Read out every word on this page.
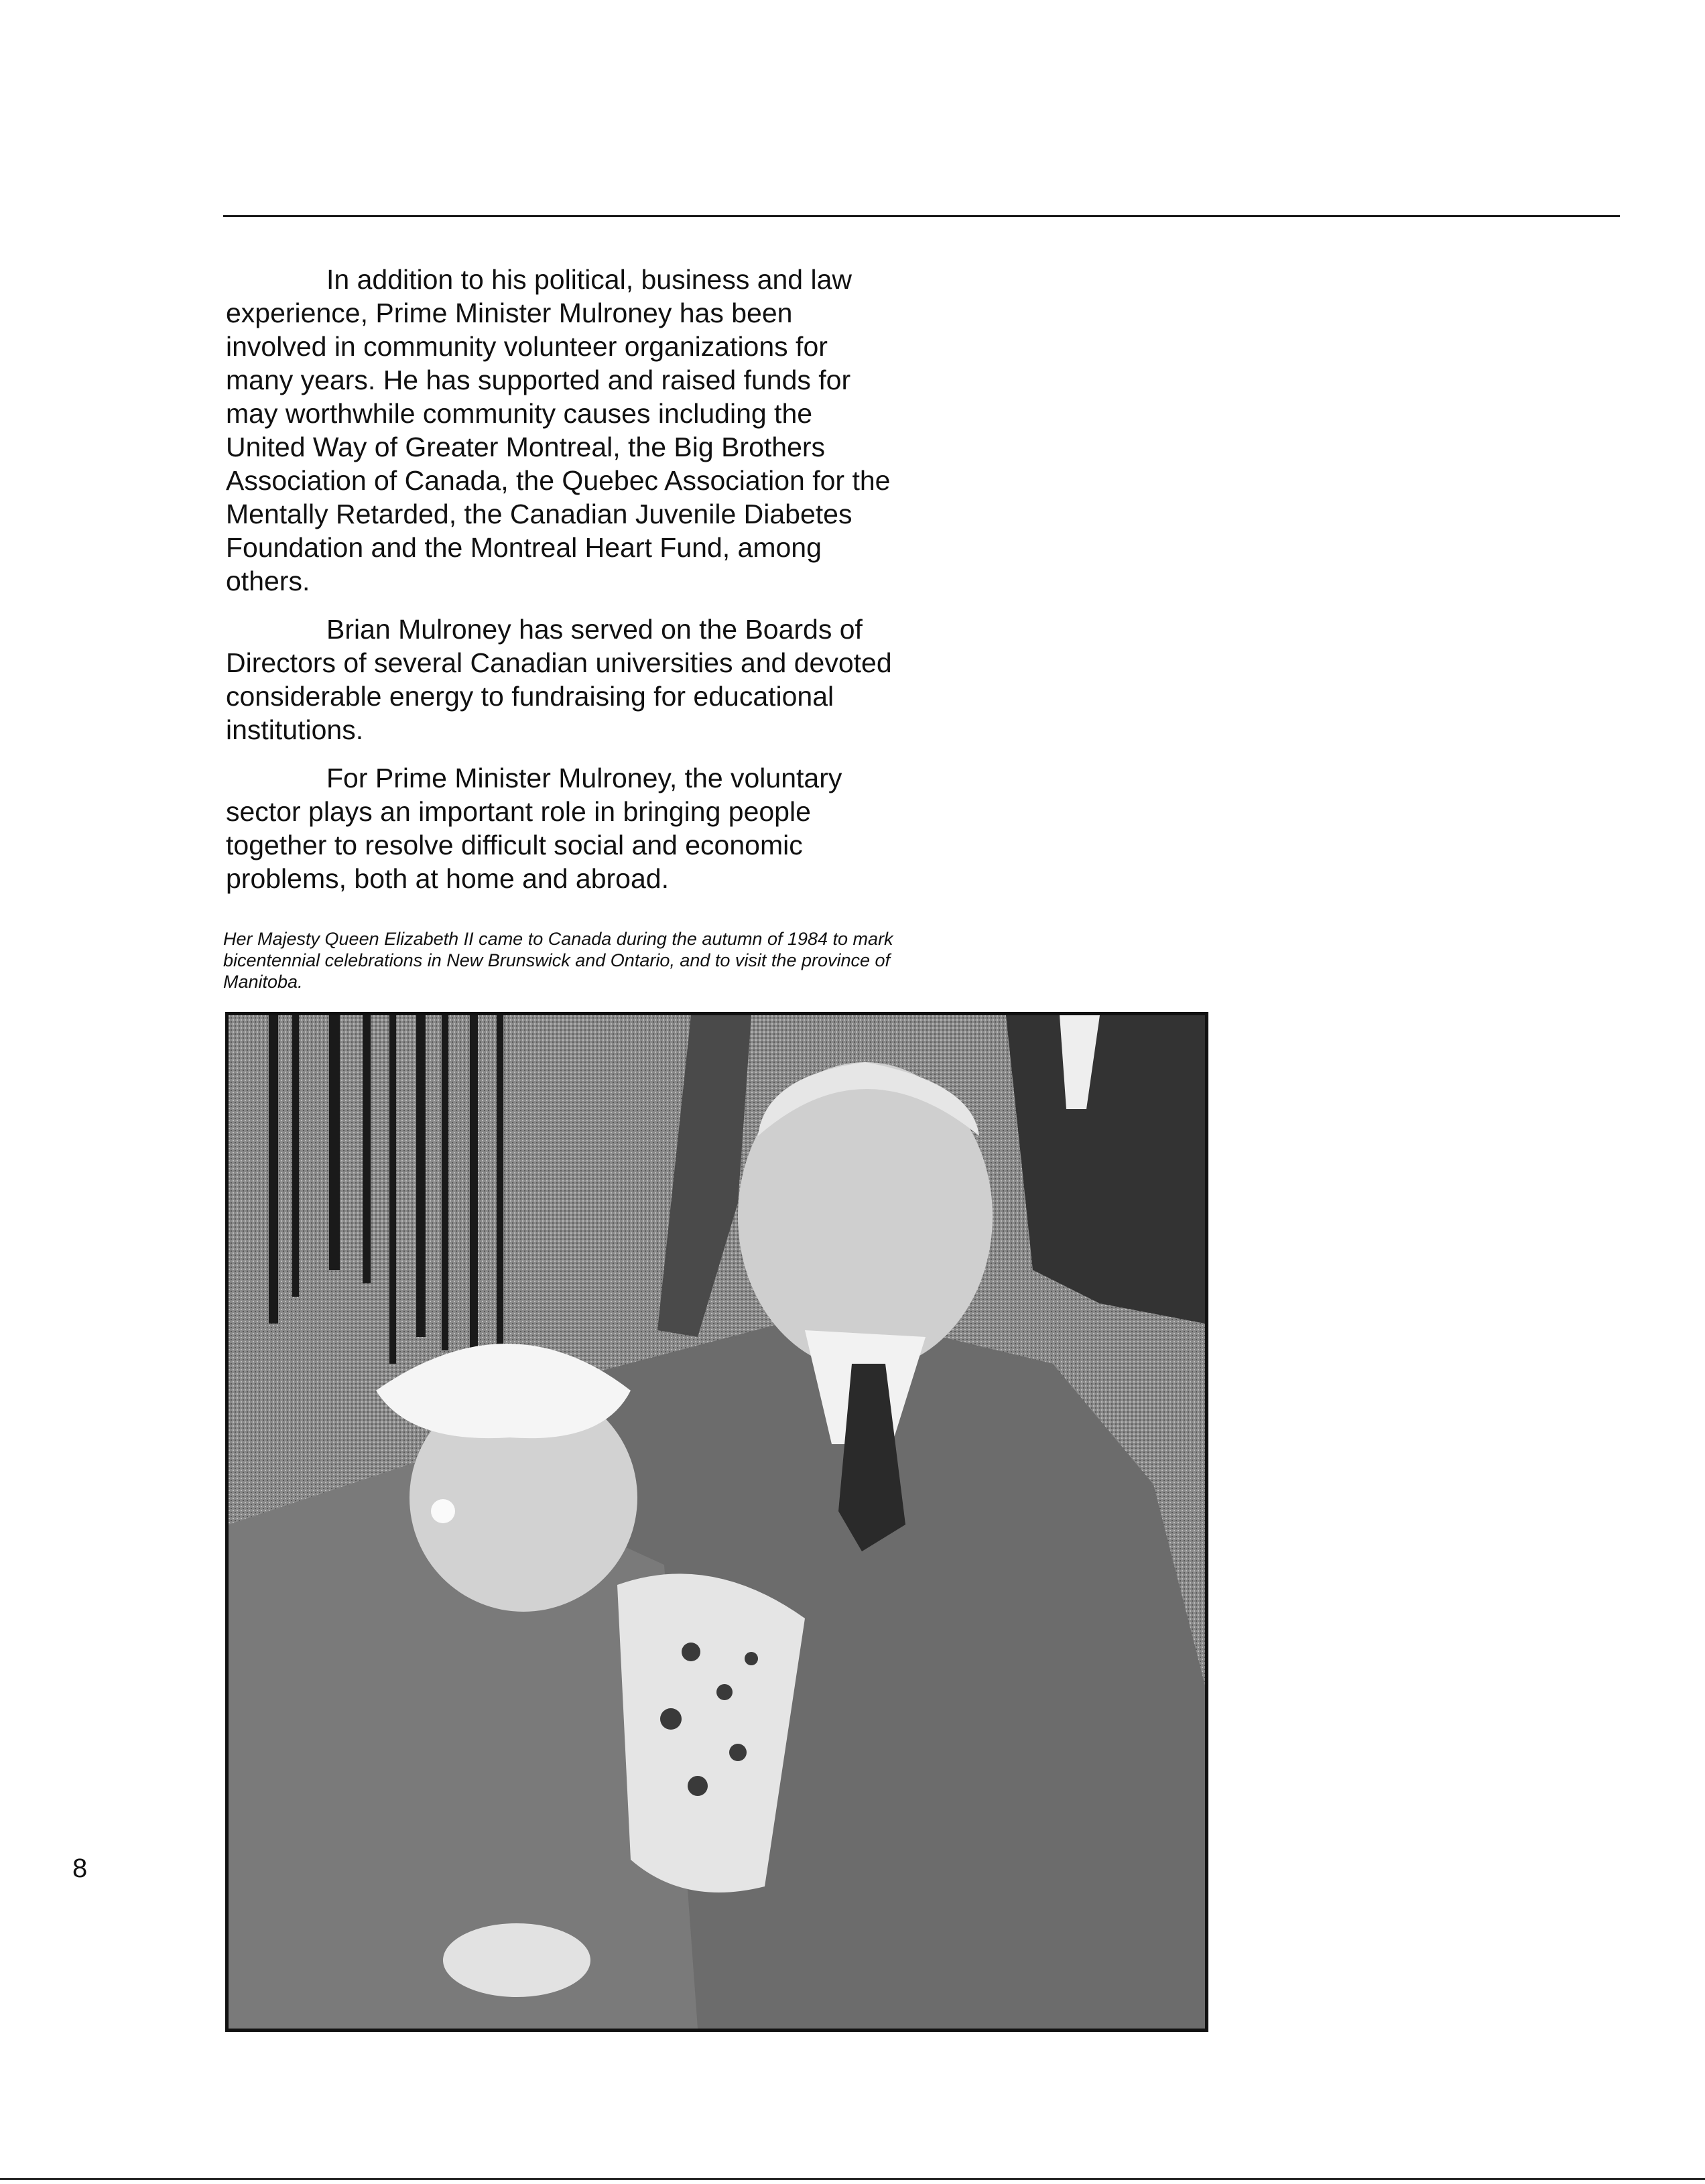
In addition to his political, business and law experience, Prime Minister Mulroney has been involved in community volunteer organizations for many years. He has supported and raised funds for may worthwhile community causes including the United Way of Greater Montreal, the Big Brothers Association of Canada, the Quebec Association for the Mentally Retarded, the Canadian Juvenile Diabetes Foundation and the Montreal Heart Fund, among others.

Brian Mulroney has served on the Boards of Directors of several Canadian universities and devoted considerable energy to fundraising for educational institutions.

For Prime Minister Mulroney, the voluntary sector plays an important role in bringing people together to resolve difficult social and economic problems, both at home and abroad.

Her Majesty Queen Elizabeth II came to Canada during the autumn of 1984 to mark bicentennial celebrations in New Brunswick and Ontario, and to visit the province of Manitoba.
8
